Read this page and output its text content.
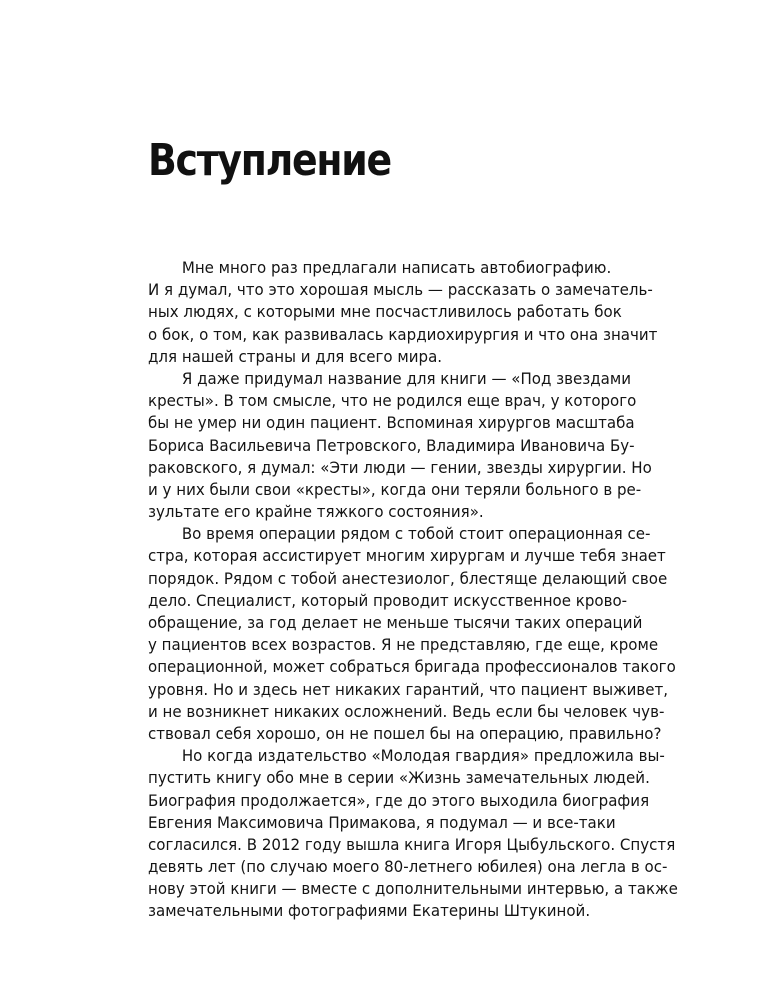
Вступление
Мне много раз предлагали написать автобиографию.
И я думал, что это хорошая мысль — рассказать о замечатель-
ных людях, с которыми мне посчастливилось работать бок
о бок, о том, как развивалась кардиохирургия и что она значит
для нашей страны и для всего мира.
Я даже придумал название для книги — «Под звездами
кресты». В том смысле, что не родился еще врач, у которого
бы не умер ни один пациент. Вспоминая хирургов масштаба
Бориса Васильевича Петровского, Владимира Ивановича Бу-
раковского, я думал: «Эти люди — гении, звезды хирургии. Но
и у них были свои «кресты», когда они теряли больного в ре-
зультате его крайне тяжкого состояния».
Во время операции рядом с тобой стоит операционная се-
стра, которая ассистирует многим хирургам и лучше тебя знает
порядок. Рядом с тобой анестезиолог, блестяще делающий свое
дело. Специалист, который проводит искусственное крово-
обращение, за год делает не меньше тысячи таких операций
у пациентов всех возрастов. Я не представляю, где еще, кроме
операционной, может собраться бригада профессионалов такого
уровня. Но и здесь нет никаких гарантий, что пациент выживет,
и не возникнет никаких осложнений. Ведь если бы человек чув-
ствовал себя хорошо, он не пошел бы на операцию, правильно?
Но когда издательство «Молодая гвардия» предложила вы-
пустить книгу обо мне в серии «Жизнь замечательных людей.
Биография продолжается», где до этого выходила биография
Евгения Максимовича Примакова, я подумал — и все-таки
согласился. В 2012 году вышла книга Игоря Цыбульского. Спустя
девять лет (по случаю моего 80-летнего юбилея) она легла в ос-
нову этой книги — вместе с дополнительными интервью, а также
замечательными фотографиями Екатерины Штукиной.
